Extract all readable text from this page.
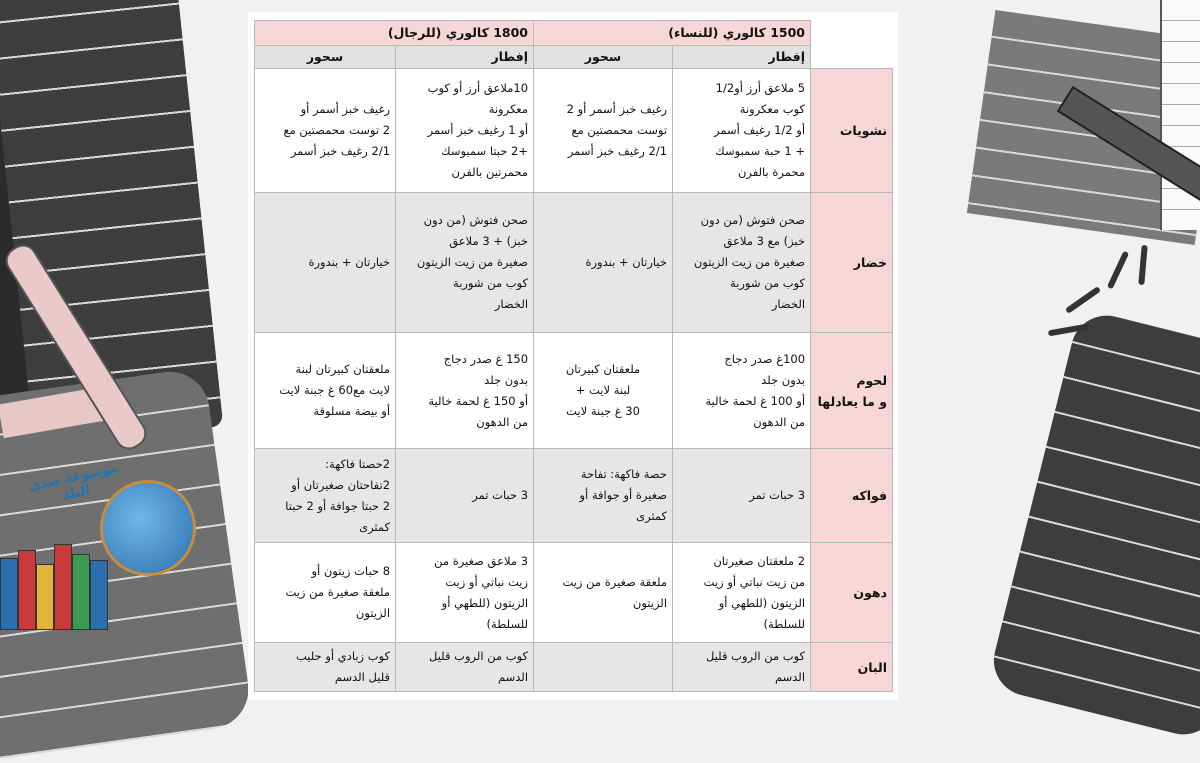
موسوعة صدى البلد
	1500 كالوري (للنساء)		1800 كالوري (للرجال)	
	إفطار	سحور	إفطار	سحور
نشويات	5 ملاعق أرز أو1/2
كوب معكرونة
أو 1/2 رغيف أسمر
+ 1 حبة سمبوسك
محمرة بالفرن	رغيف خبز أسمر أو 2
توست محمصتين مع
2/1 رغيف خبز أسمر	10ملاعق أرز أو كوب
معكرونة
أو 1 رغيف خبز أسمر
+2 حبتا سمبوسك
محمرتين بالفرن	رغيف خبز أسمر أو
2 توست محمصتين مع
2/1 رغيف خبز أسمر
خضار	صحن فتوش (من دون
خبز) مع 3 ملاعق
صغيرة من زيت الزيتون
كوب من شوربة
الخضار	خيارتان + بندورة	صحن فتوش (من دون
خبز) + 3 ملاعق
صغيرة من زيت الزيتون
كوب من شوربة
الخضار	خيارتان + بندورة
لحوم
و ما يعادلها	100غ صدر دجاج
بدون جلد
أو 100 غ لحمة خالية
من الدهون	ملعقتان كبيرتان
لبنة لايت +
30 غ جبنة لايت	150 غ صدر دجاج
بدون جلد
أو 150 غ لحمة خالية
من الدهون	ملعقتان كبيرتان لبنة
لايت مع60 غ جبنة لايت
أو بيضة مسلوقة
فواكه	3 حبات تمر	حصة فاكهة: تفاحة
صغيرة أو جوافة أو
كمثرى	3 حبات تمر	2حصتا فاكهة:
2تفاحتان صغيرتان أو
2 حبتا جوافة أو 2 حبتا
كمثرى
دهون	2 ملعقتان صغيرتان
من زيت نباتي أو زيت
الزيتون (للطهي أو
للسلطة)	ملعقة صغيرة من زيت
الزيتون	3 ملاعق صغيرة من
زيت نباتي أو زيت
الزيتون (للطهي أو
للسلطة)	8 حبات زيتون أو
ملعقة صغيرة من زيت
الزيتون
البان	كوب من الروب قليل
الدسم		كوب من الروب قليل
الدسم	كوب زبادي أو حليب
قليل الدسم
